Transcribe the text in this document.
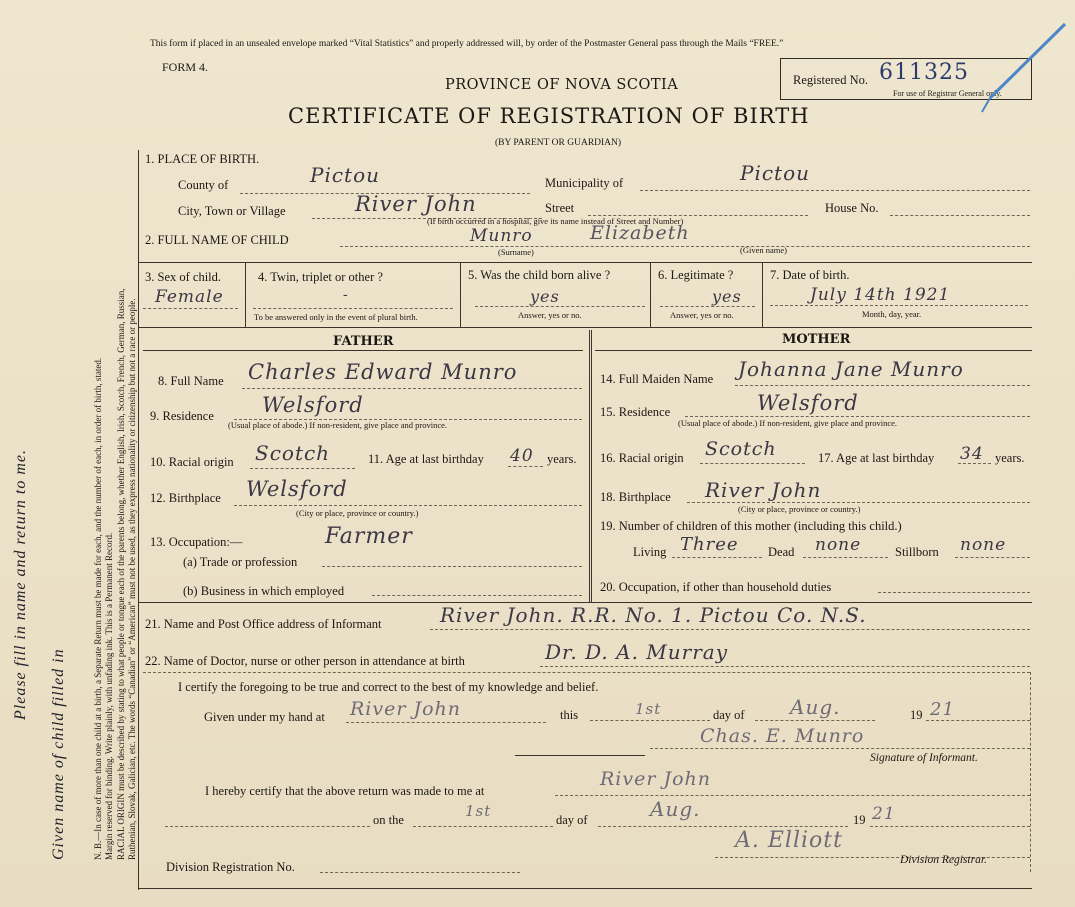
Margin reserved for binding. Write plainly, with unfading ink. This is a Permanent Record.
N. B.—In case of more than one child at a birth, a Separate Return must be made for each, and the number of each, in order of birth, stated. RACIAL ORIGIN must be described by stating to what people or tongue each of the parents belong, whether English, Irish, Scotch, French, German, Russian, Ruthenian, Slovak, Galician, etc. The words “Canadian” or “American” must not be used, as they express nationality or citizenship but not a race or people.
Please fill in name and return to me.
Given name of child filled in
This form if placed in an unsealed envelope marked “Vital Statistics” and properly addressed will, by order of the Postmaster General pass through the Mails “FREE.”
FORM 4.
PROVINCE OF NOVA SCOTIA
CERTIFICATE OF REGISTRATION OF BIRTH
(BY PARENT OR GUARDIAN)
Registered No. 611325
For use of Registrar General only.
1. PLACE OF BIRTH.
County of	Pictou	Municipality of	Pictou
City, Town or Village	River John	Street	House No.
(If birth occurred in a hospital, give its name instead of Street and Number)
2. FULL NAME OF CHILD	Munro	Elizabeth
(Surname)	(Given name)
3. Sex of child.
Female
4. Twin, triplet or other ?
-
To be answered only in the event of plural birth.
5. Was the child born alive ?
yes
Answer, yes or no.
6. Legitimate ?
yes
Answer, yes or no.
7. Date of birth.
July 14th 1921
Month, day, year.
FATHER	MOTHER
8. Full Name Charles Edward Munro
9. Residence Welsford
(Usual place of abode.) If non-resident, give place and province.
10. Racial origin Scotch	11. Age at last birthday 40 years.
12. Birthplace Welsford
(City or place, province or country.)
13. Occupation:—	Farmer
(a) Trade or profession
(b) Business in which employed
14. Full Maiden Name Johanna Jane Munro
15. Residence	Welsford
(Usual place of abode.) If non-resident, give place and province.
16. Racial origin Scotch	17. Age at last birthday 34 years.
18. Birthplace River John
(City or place, province or country.)
19. Number of children of this mother (including this child.)
Living Three Dead none	Stillborn none
20. Occupation, if other than household duties
21. Name and Post Office address of Informant	River John. R.R. No. 1. Pictou Co. N.S.
22. Name of Doctor, nurse or other person in attendance at birth	Dr. D. A. Murray
I certify the foregoing to be true and correct to the best of my knowledge and belief.
Given under my hand at River John	this	1st	day of Aug.	19 21
Chas. E. Munro
Signature of Informant.
I hereby certify that the above return was made to me at
River John
on the	1st	day of	Aug.	19 21
A. Elliott
Division Registration No.	Division Registrar.
